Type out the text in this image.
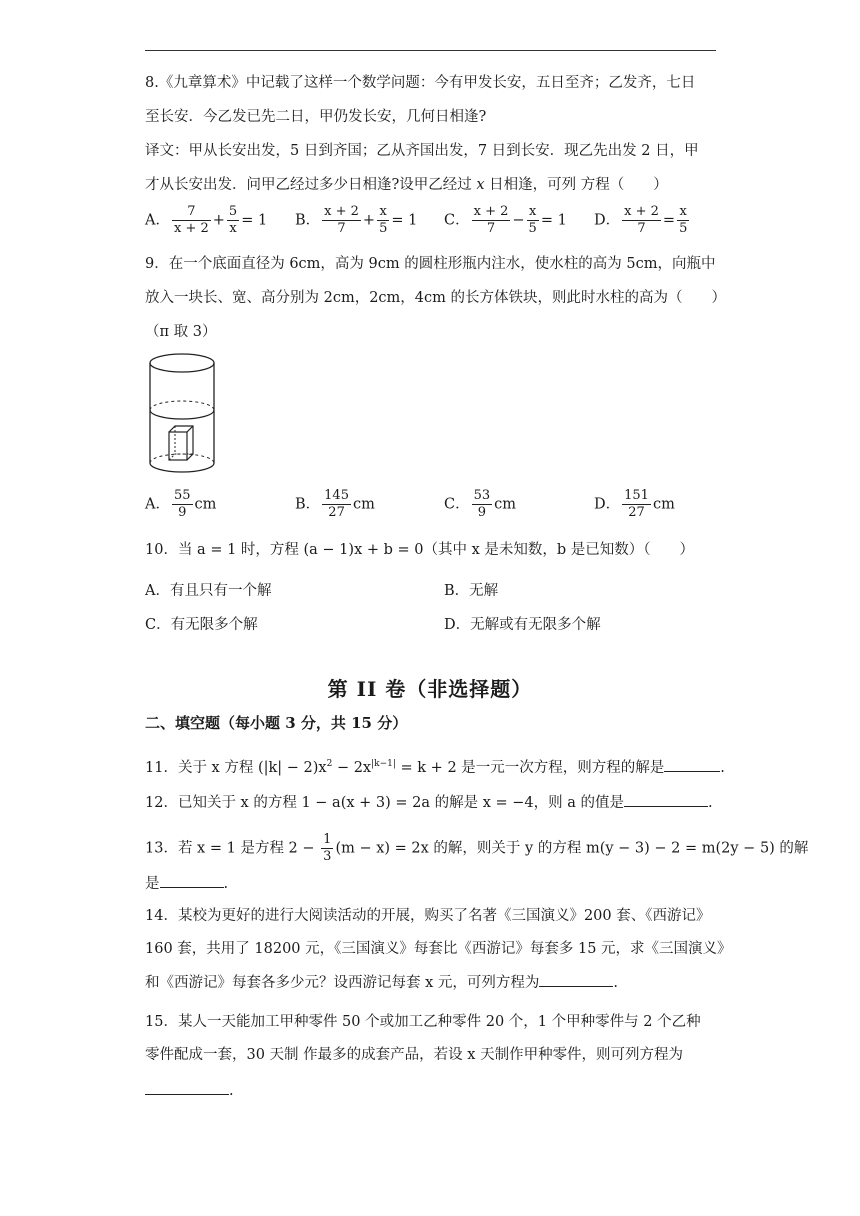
8.《九章算术》中记载了这样一个数学问题：今有甲发长安，五日至齐；乙发齐，七日
至长安．今乙发已先二日，甲仍发长安，几何日相逢?
译文：甲从长安出发，5 日到齐国；乙从齐国出发，7 日到长安．现乙先出发 2 日，甲
才从长安出发．问甲乙经过多少日相逢?设甲乙经过 x 日相逢，可列 方程（　　）
A． $\frac{7}{x + 2} + \frac{5}{x} = 1$ B． $\frac{x + 2}{7} + \frac{x}{5} = 1$ C． $\frac{x + 2}{7} - \frac{x}{5} = 1$ D． $\frac{x + 2}{7} = \frac{x}{5}$
9．在一个底面直径为 6cm，高为 9cm 的圆柱形瓶内注水，使水柱的高为 5cm，向瓶中
放入一块长、宽、高分别为 2cm，2cm，4cm 的长方体铁块，则此时水柱的高为（　　）
（π 取 3）
A． $\frac{55}{9}$ cm	B． $\frac{145}{27}$ cm	C． $\frac{53}{9}$ cm	D． $\frac{151}{27}$ cm
10．当 a = 1 时，方程 (a − 1)x + b = 0（其中 x 是未知数，b 是已知数）（　　）
A．有且只有一个解	B．无解
C．有无限多个解	D．无解或有无限多个解
第 II 卷（非选择题）
二、填空题（每小题 3 分，共 15 分）
11．关于 x 方程 $(|k| - 2)x^2 - 2x^{|k-1|} = k + 2$ 是一元一次方程，则方程的解是	.
12．已知关于 x 的方程 1 − a(x + 3) = 2a 的解是 x = −4，则 a 的值是	.
13．若 x = 1 是方程 $2 - \frac{1}{3} (m - x) = 2x$ 的解，则关于 y 的方程 m(y − 3) − 2 = m(2y − 5) 的解
是	.
14．某校为更好的进行大阅读活动的开展，购买了名著《三国演义》200 套、《西游记》
160 套，共用了 18200 元，《三国演义》每套比《西游记》每套多 15 元，求《三国演义》
和《西游记》每套各多少元？设西游记每套 x 元，可列方程为	.
15．某人一天能加工甲种零件 50 个或加工乙种零件 20 个，1 个甲种零件与 2 个乙种
零件配成一套，30 天制 作最多的成套产品，若设 x 天制作甲种零件，则可列方程为
.
